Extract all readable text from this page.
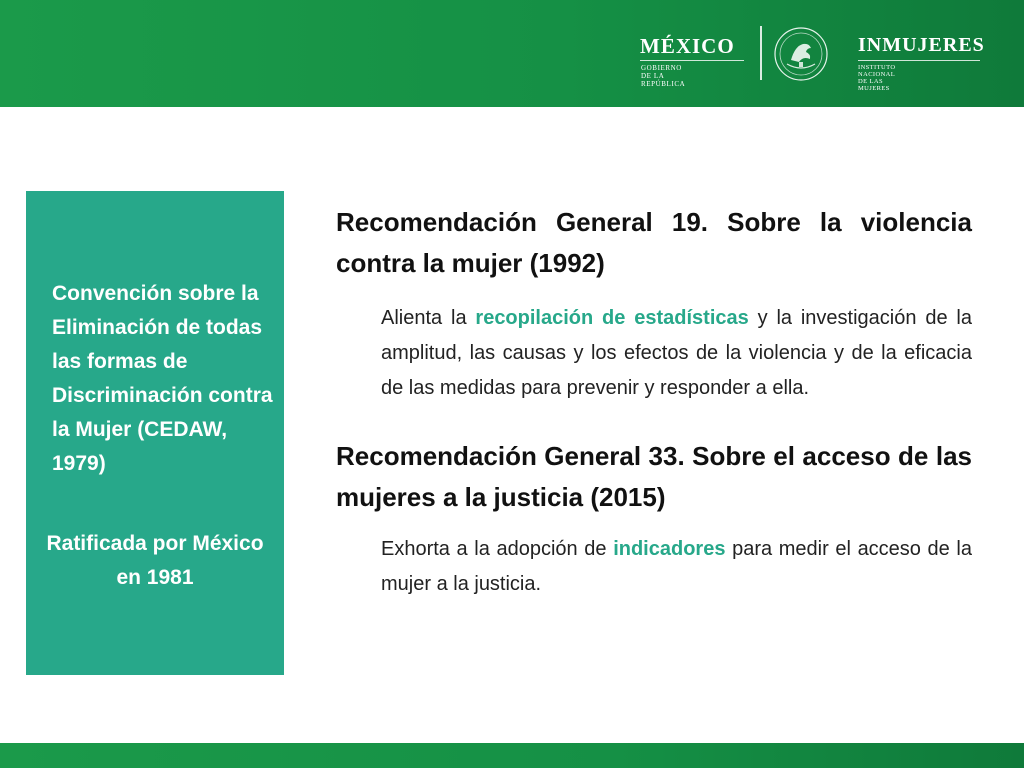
MÉXICO
GOBIERNO DE LA REPÚBLICA
INMUJERES
INSTITUTO NACIONAL DE LAS MUJERES
Convención sobre la Eliminación de todas las formas de Discriminación contra la Mujer (CEDAW, 1979)
Ratificada por México en 1981

Recomendación General 19. Sobre la violencia contra la mujer (1992)

Alienta la recopilación de estadísticas y la investigación de la amplitud, las causas y los efectos de la violencia y de la eficacia de las medidas para prevenir y responder a ella.

Recomendación General 33. Sobre el acceso de las mujeres a la justicia (2015)

Exhorta a la adopción de indicadores para medir el acceso de la mujer a la justicia.
